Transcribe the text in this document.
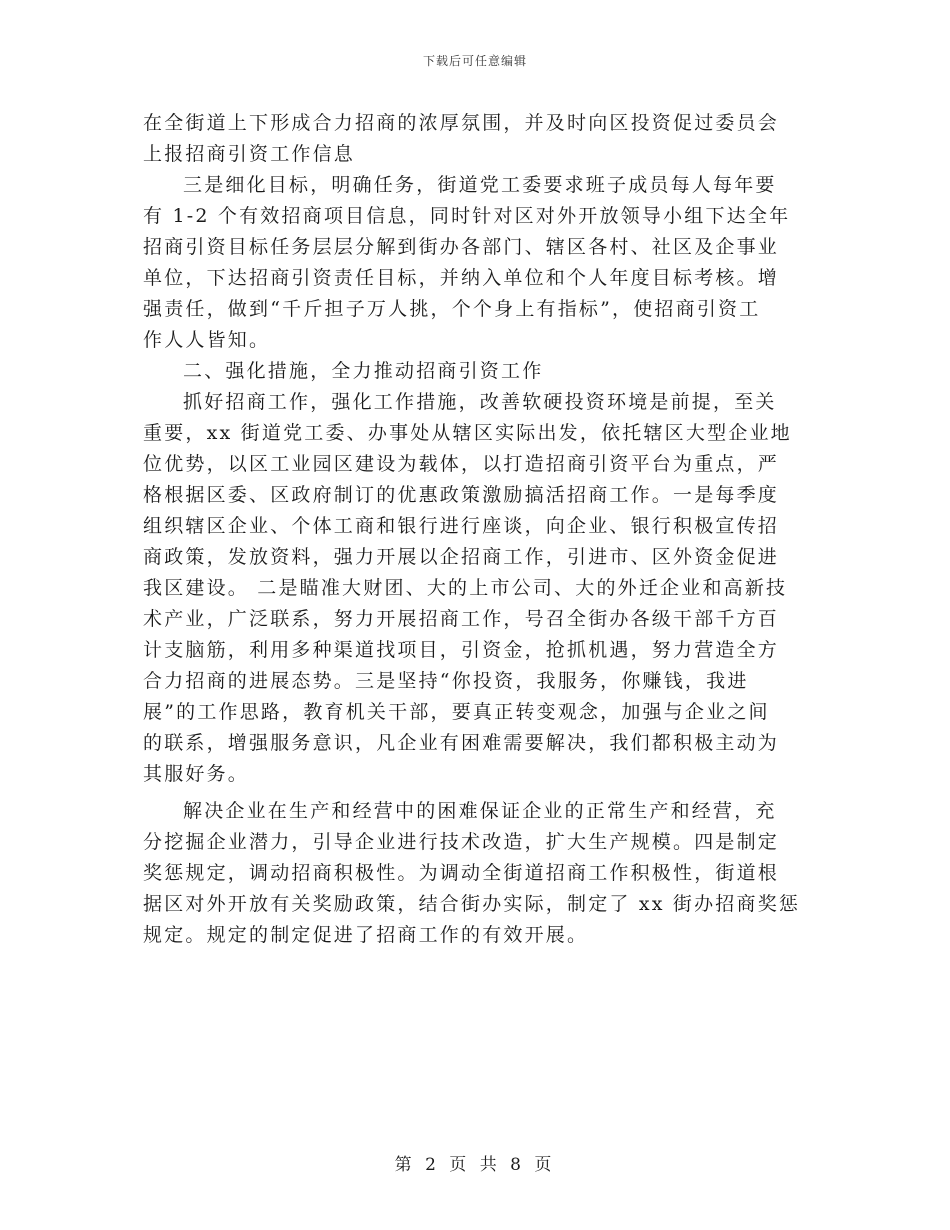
下载后可任意编辑
在全街道上下形成合力招商的浓厚氛围，并及时向区投资促过委员会
上报招商引资工作信息
三是细化目标，明确任务，街道党工委要求班子成员每人每年要
有 1-2 个有效招商项目信息，同时针对区对外开放领导小组下达全年
招商引资目标任务层层分解到街办各部门、辖区各村、社区及企事业
单位，下达招商引资责任目标，并纳入单位和个人年度目标考核。增
强责任，做到“千斤担子万人挑，个个身上有指标”，使招商引资工
作人人皆知。
二、强化措施，全力推动招商引资工作
抓好招商工作，强化工作措施，改善软硬投资环境是前提，至关
重要，xx 街道党工委、办事处从辖区实际出发，依托辖区大型企业地
位优势，以区工业园区建设为载体，以打造招商引资平台为重点，严
格根据区委、区政府制订的优惠政策激励搞活招商工作。一是每季度
组织辖区企业、个体工商和银行进行座谈，向企业、银行积极宣传招
商政策，发放资料，强力开展以企招商工作，引进市、区外资金促进
我区建设。 二是瞄准大财团、大的上市公司、大的外迁企业和高新技
术产业，广泛联系，努力开展招商工作，号召全街办各级干部千方百
计支脑筋，利用多种渠道找项目，引资金，抢抓机遇，努力营造全方
合力招商的进展态势。三是坚持“你投资，我服务，你赚钱，我进
展”的工作思路，教育机关干部，要真正转变观念，加强与企业之间
的联系，增强服务意识，凡企业有困难需要解决，我们都积极主动为
其服好务。
解决企业在生产和经营中的困难保证企业的正常生产和经营，充
分挖掘企业潜力，引导企业进行技术改造，扩大生产规模。四是制定
奖惩规定，调动招商积极性。为调动全街道招商工作积极性，街道根
据区对外开放有关奖励政策，结合街办实际，制定了 xx 街办招商奖惩
规定。规定的制定促进了招商工作的有效开展。
第 2 页 共 8 页
